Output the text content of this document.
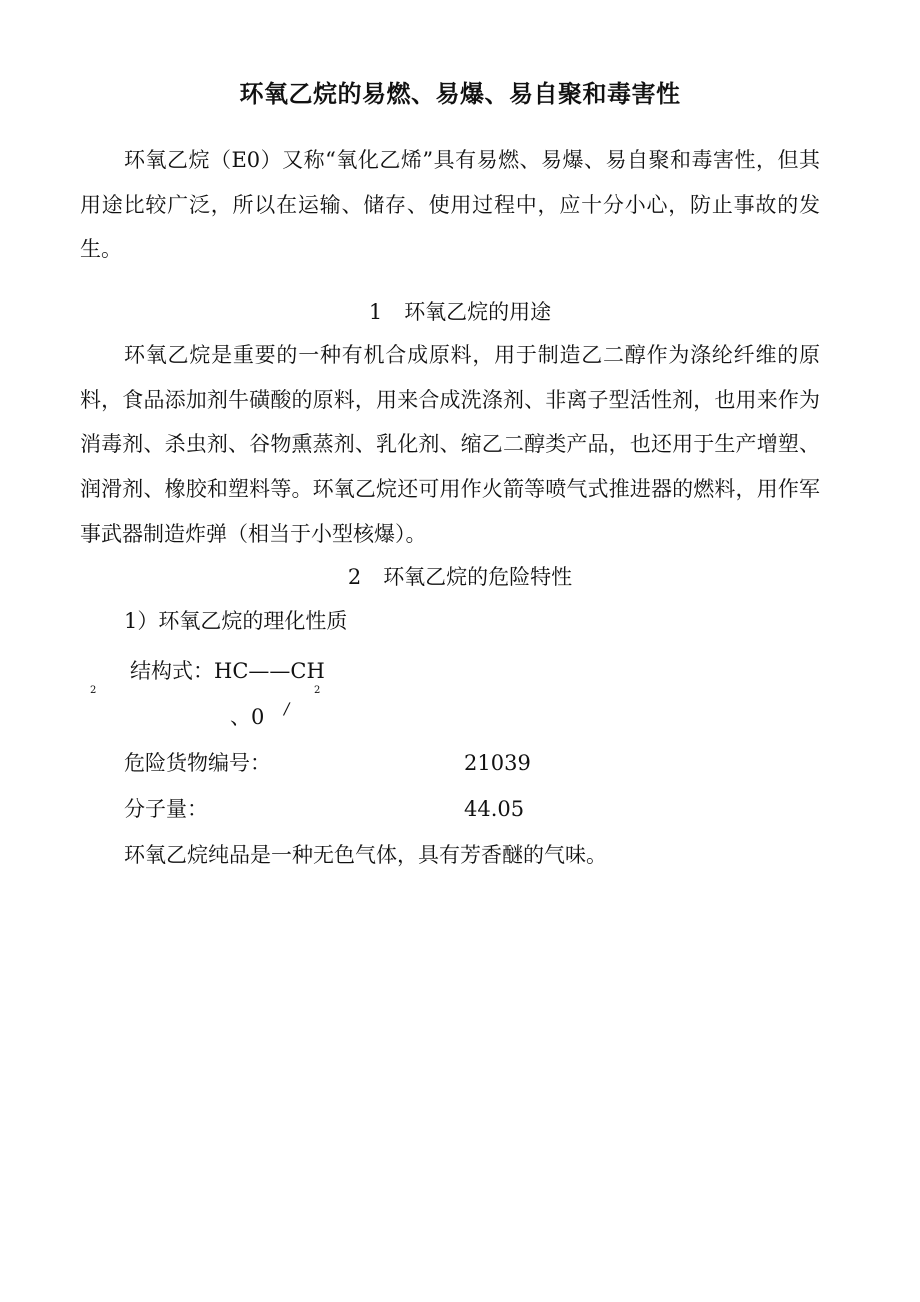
环氧乙烷的易燃、易爆、易自聚和毒害性

环氧乙烷（E0）又称“氧化乙烯”具有易燃、易爆、易自聚和毒害性，但其用途比较广泛，所以在运输、储存、使用过程中，应十分小心，防止事故的发生。

1 环氧乙烷的用途

环氧乙烷是重要的一种有机合成原料，用于制造乙二醇作为涤纶纤维的原料，食品添加剂牛磺酸的原料，用来合成洗涤剂、非离子型活性剂，也用来作为消毒剂、杀虫剂、谷物熏蒸剂、乳化剂、缩乙二醇类产品，也还用于生产增塑、润滑剂、橡胶和塑料等。环氧乙烷还可用作火箭等喷气式推进器的燃料，用作军事武器制造炸弹（相当于小型核爆）。

2 环氧乙烷的危险特性

1）环氧乙烷的理化性质

结构式：HC——CH

2	2

、0 /

危险货物编号：	21039

分子量：	44.05

环氧乙烷纯品是一种无色气体，具有芳香醚的气味。
